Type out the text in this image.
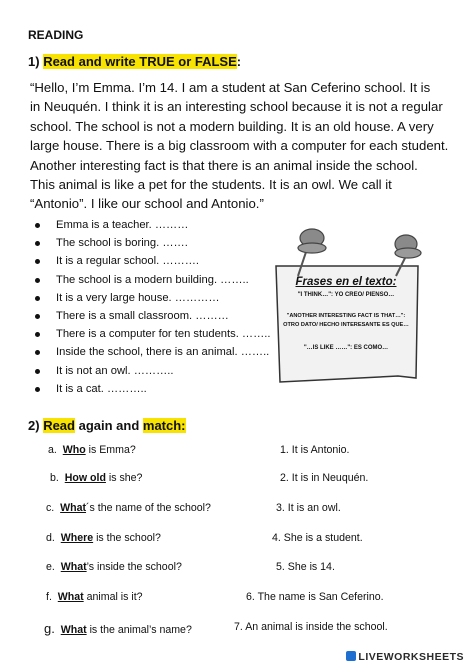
READING
1) Read and write TRUE or FALSE:
“Hello, I’m Emma. I’m 14. I am a student at San Ceferino school. It is
in Neuquén. I think it is an interesting school because it is not a regular
school. The school is not a modern building. It is an old house. A very
large house. There is a big classroom with a computer for each student.
Another interesting fact is that there is an animal inside the school.
This animal is like a pet for the students. It is an owl. We call it
“Antonio”. I like our school and Antonio.”
Emma is a teacher. ………
The school is boring. …….
It is a regular school. ……….
The school is a modern building. ……..
It is a very large house. …………
There is a small classroom. ………
There is a computer for ten students. ……..
Inside the school, there is an animal. ……..
It is not an owl. ………..
It is a cat. ………..
Frases en el texto:
"I THINK…": YO CREO/ PIENSO…
"ANOTHER INTERESTING FACT IS THAT…":
OTRO DATO/ HECHO INTERESANTE ES QUE…
"…IS LIKE ……": ES COMO…
2) Read again and match:
a. Who is Emma?
b. How old is she?
c. What´s the name of the school?
d. Where is the school?
e. What’s inside the school?
f. What animal is it?
g. What is the animal’s name?
1. It is Antonio.
2. It is in Neuquén.
3. It is an owl.
4. She is a student.
5. She is 14.
6. The name is San Ceferino.
7. An animal is inside the school.
LIVEWORKSHEETS
